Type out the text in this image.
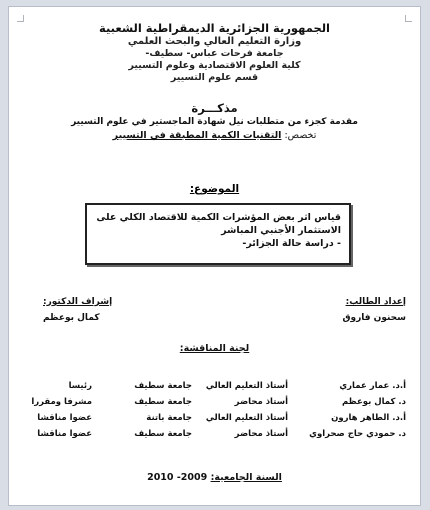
الجمهورية الجزائرية الديمقراطية الشعبية
وزارة التعليم العالي والبحث العلمي
جامعة فرحات عباس- سطيف-
كلية العلوم الاقتصادية وعلوم التسيير
قسم علوم التسيير
مذكـــرة
مقدمة كجزء من متطلبات نيل شهادة الماجستير في علوم التسيير
تخصص: التقنيات الكمية المطبقة في التسيير
الموضوع:
قياس اثر بعض المؤشرات الكمية للاقتصاد الكلي على
الاستثمار الأجنبي المباشر
- دراسة حالة الجزائر-
إعداد الطالب:
سحنون فاروق
إشراف الدكتور:
كمال بوعظم
لجنة المناقشة:
أ.د. عمار عماري
أستاذ التعليم العالي
جامعة سطيف
رئيسا
د. كمال بوعظم
أستاذ محاضر
جامعة سطيف
مشرفا ومقررا
أ.د. الطاهر هارون
أستاذ التعليم العالي
جامعة باتنة
عضوا مناقشا
د. حمودي حاج صحراوي
أستاذ محاضر
جامعة سطيف
عضوا مناقشا
السنة الجامعية: 2009- 2010
